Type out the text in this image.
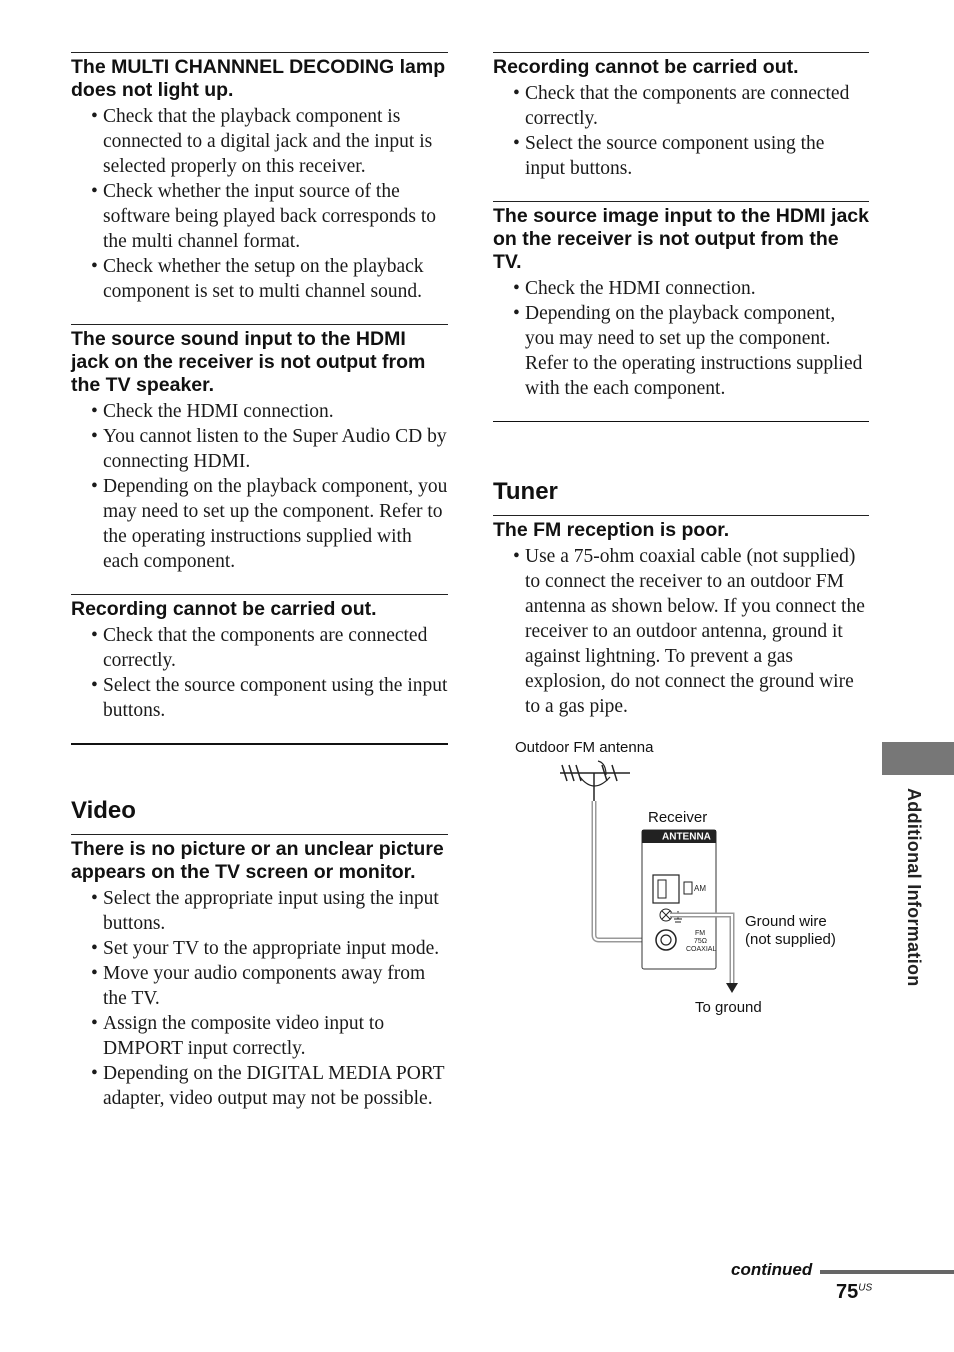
The MULTI CHANNNEL DECODING lamp does not light up.
• Check that the playback component is connected to a digital jack and the input is selected properly on this receiver.
• Check whether the input source of the software being played back corresponds to the multi channel format.
• Check whether the setup on the playback component is set to multi channel sound.
The source sound input to the HDMI jack on the receiver is not output from the TV speaker.
• Check the HDMI connection.
• You cannot listen to the Super Audio CD by connecting HDMI.
• Depending on the playback component, you may need to set up the component. Refer to the operating instructions supplied with each component.
Recording cannot be carried out.
• Check that the components are connected correctly.
• Select the source component using the input buttons.
Video
There is no picture or an unclear picture appears on the TV screen or monitor.
• Select the appropriate input using the input buttons.
• Set your TV to the appropriate input mode.
• Move your audio components away from the TV.
• Assign the composite video input to DMPORT input correctly.
• Depending on the DIGITAL MEDIA PORT adapter, video output may not be possible.
Recording cannot be carried out.
• Check that the components are connected correctly.
• Select the source component using the input buttons.
The source image input to the HDMI jack on the receiver is not output from the TV.
• Check the HDMI connection.
• Depending on the playback component, you may need to set up the component. Refer to the operating instructions supplied with the each component.
Tuner
The FM reception is poor.
• Use a 75-ohm coaxial cable (not supplied) to connect the receiver to an outdoor FM antenna as shown below. If you connect the receiver to an outdoor antenna, ground it against lightning. To prevent a gas explosion, do not connect the ground wire to a gas pipe.
ANTENNA
AM
FM
75Ω
COAXIAL
Outdoor FM antenna
Receiver
Ground wire
(not supplied)
To ground
Additional Information
continued
$75^{US}$
